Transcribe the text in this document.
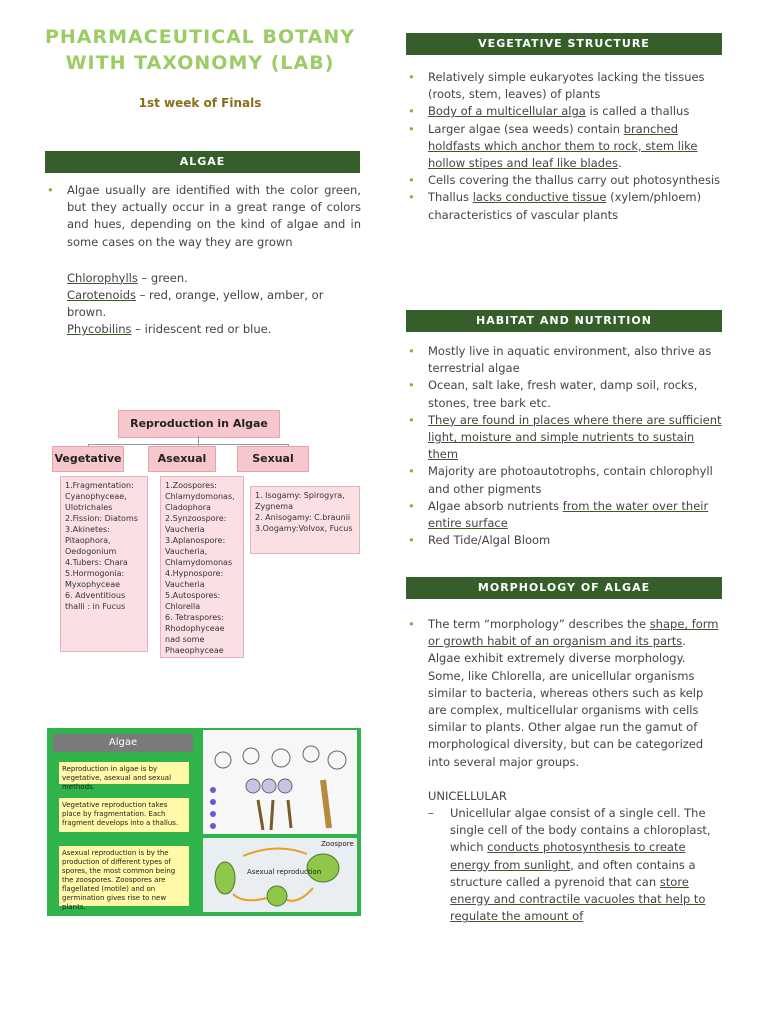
PHARMACEUTICAL BOTANY
WITH TAXONOMY (LAB)
1st week of Finals
ALGAE
• Algae usually are identified with the color green, but they actually occur in a great range of colors and hues, depending on the kind of algae and in some cases on the way they are grown
Chlorophylls – green.
Carotenoids – red, orange, yellow, amber, or brown.
Phycobilins – iridescent red or blue.
Reproduction in Algae
Vegetative	Asexual	Sexual
1.Fragmentation: Cyanophyceae, Ulotrichales
2.Fission: Diatoms
3.Akinetes: Pitaophora, Oedogonium
4.Tubers: Chara
5.Hormogonia: Myxophyceae
6. Adventitious thalli : in Fucus
1.Zoospores: Chlamydomonas, Cladophora
2.Synzoospore: Vaucheria
3.Aplanospore: Vaucheria, Chlamydomonas
4.Hypnospore: Vaucheria
5.Autospores: Chlorella
6. Tetraspores: Rhodophyceae nad some Phaeophyceae
1. Isogamy: Spirogyra, Zygnema
2. Anisogamy: C.braunii
3.Oogamy:Volvox, Fucus
Algae
Reproduction in algae is by vegetative, asexual and sexual methods.
Vegetative reproduction takes place by fragmentation. Each fragment develops into a thallus.
Asexual reproduction is by the production of different types of spores, the most common being the zoospores. Zoospores are flagellated (motile) and on germination gives rise to new plants.
Asexual reproduction
Zoospore
VEGETATIVE STRUCTURE
• Relatively simple eukaryotes lacking the tissues (roots, stem, leaves) of plants
• Body of a multicellular alga is called a thallus
• Larger algae (sea weeds) contain branched holdfasts which anchor them to rock, stem like hollow stipes and leaf like blades.
• Cells covering the thallus carry out photosynthesis
• Thallus lacks conductive tissue (xylem/phloem) characteristics of vascular plants
HABITAT AND NUTRITION
• Mostly live in aquatic environment, also thrive as terrestrial algae
• Ocean, salt lake, fresh water, damp soil, rocks, stones, tree bark etc.
• They are found in places where there are sufficient light, moisture and simple nutrients to sustain them
• Majority are photoautotrophs, contain chlorophyll and other pigments
• Algae absorb nutrients from the water over their entire surface
• Red Tide/Algal Bloom
MORPHOLOGY OF ALGAE
• The term “morphology” describes the shape, form or growth habit of an organism and its parts. Algae exhibit extremely diverse morphology. Some, like Chlorella, are unicellular organisms similar to bacteria, whereas others such as kelp are complex, multicellular organisms with cells similar to plants. Other algae run the gamut of morphological diversity, but can be categorized into several major groups.
UNICELLULAR
– Unicellular algae consist of a single cell. The single cell of the body contains a chloroplast, which conducts photosynthesis to create energy from sunlight, and often contains a structure called a pyrenoid that can store energy and contractile vacuoles that help to regulate the amount of
